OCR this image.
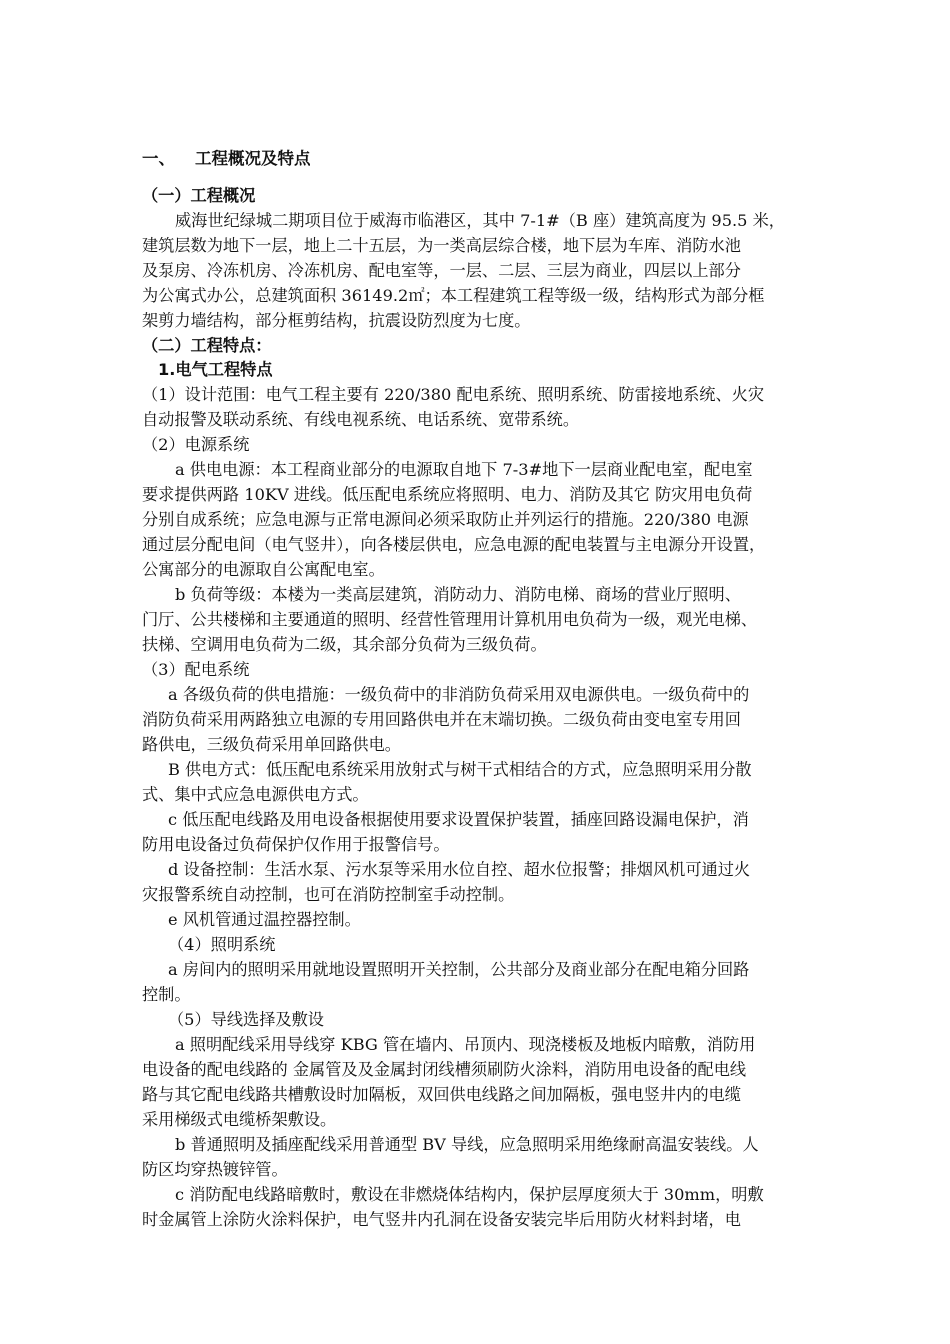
一、 工程概况及特点
（一）工程概况
威海世纪绿城二期项目位于威海市临港区，其中 7-1#（B 座）建筑高度为 95.5 米，
建筑层数为地下一层，地上二十五层，为一类高层综合楼，地下层为车库、消防水池
及泵房、冷冻机房、冷冻机房、配电室等，一层、二层、三层为商业，四层以上部分
为公寓式办公，总建筑面积 36149.2㎡；本工程建筑工程等级一级，结构形式为部分框
架剪力墙结构，部分框剪结构，抗震设防烈度为七度。
（二）工程特点：
1.电气工程特点
（1）设计范围：电气工程主要有 220/380 配电系统、照明系统、防雷接地系统、火灾
自动报警及联动系统、有线电视系统、电话系统、宽带系统。
（2）电源系统
a 供电电源：本工程商业部分的电源取自地下 7-3#地下一层商业配电室，配电室
要求提供两路 10KV 进线。低压配电系统应将照明、电力、消防及其它 防灾用电负荷
分别自成系统；应急电源与正常电源间必须采取防止并列运行的措施。220/380 电源
通过层分配电间（电气竖井），向各楼层供电，应急电源的配电装置与主电源分开设置，
公寓部分的电源取自公寓配电室。
b 负荷等级：本楼为一类高层建筑，消防动力、消防电梯、商场的营业厅照明、
门厅、公共楼梯和主要通道的照明、经营性管理用计算机用电负荷为一级，观光电梯、
扶梯、空调用电负荷为二级，其余部分负荷为三级负荷。
（3）配电系统
a 各级负荷的供电措施：一级负荷中的非消防负荷采用双电源供电。一级负荷中的
消防负荷采用两路独立电源的专用回路供电并在末端切换。二级负荷由变电室专用回
路供电，三级负荷采用单回路供电。
B 供电方式：低压配电系统采用放射式与树干式相结合的方式，应急照明采用分散
式、集中式应急电源供电方式。
c 低压配电线路及用电设备根据使用要求设置保护装置，插座回路设漏电保护，消
防用电设备过负荷保护仅作用于报警信号。
d 设备控制：生活水泵、污水泵等采用水位自控、超水位报警；排烟风机可通过火
灾报警系统自动控制，也可在消防控制室手动控制。
e 风机管通过温控器控制。
（4）照明系统
a 房间内的照明采用就地设置照明开关控制，公共部分及商业部分在配电箱分回路
控制。
（5）导线选择及敷设
a 照明配线采用导线穿 KBG 管在墙内、吊顶内、现浇楼板及地板内暗敷，消防用
电设备的配电线路的 金属管及及金属封闭线槽须刷防火涂料，消防用电设备的配电线
路与其它配电线路共槽敷设时加隔板，双回供电线路之间加隔板，强电竖井内的电缆
采用梯级式电缆桥架敷设。
b 普通照明及插座配线采用普通型 BV 导线，应急照明采用绝缘耐高温安装线。人
防区均穿热镀锌管。
c 消防配电线路暗敷时，敷设在非燃烧体结构内，保护层厚度须大于 30mm，明敷
时金属管上涂防火涂料保护，电气竖井内孔洞在设备安装完毕后用防火材料封堵，电
